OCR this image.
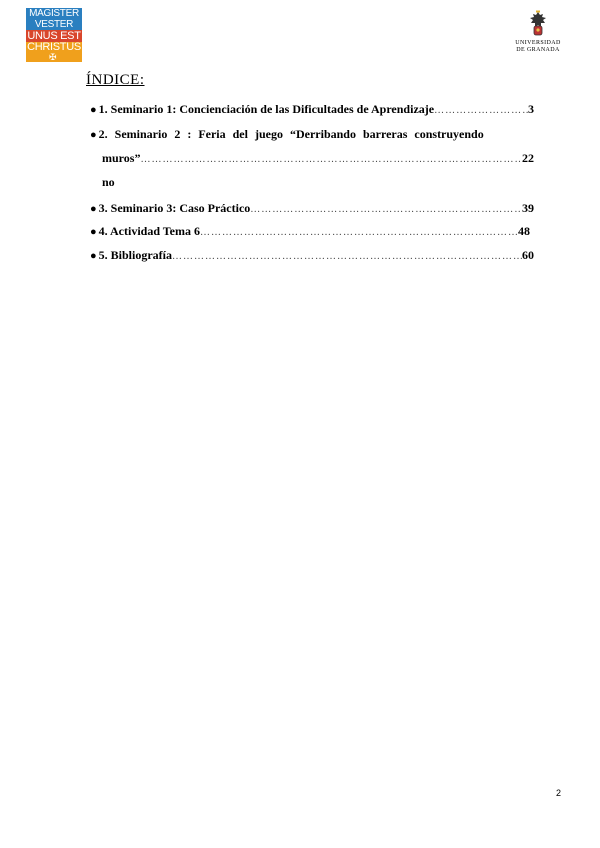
MAGISTER
VESTER
UNUS EST
CHRISTUS
✠
UNIVERSIDAD
DE GRANADA
ÍNDICE:
● 1. Seminario 1: Concienciación de las Dificultades de Aprendizaje ………………………………………………………………………………………………………………………………	3
● 2. Seminario 2 : Feria del juego “Derribando barreras construyendo
muros” ………………………………………………………………………………………………………………………………	22
no
● 3. Seminario 3: Caso Práctico ………………………………………………………………………………………………………………………………	39
● 4. Actividad Tema 6 ………………………………………………………………………………………………………………………………	48
● 5. Bibliografía ………………………………………………………………………………………………………………………………	60
2
